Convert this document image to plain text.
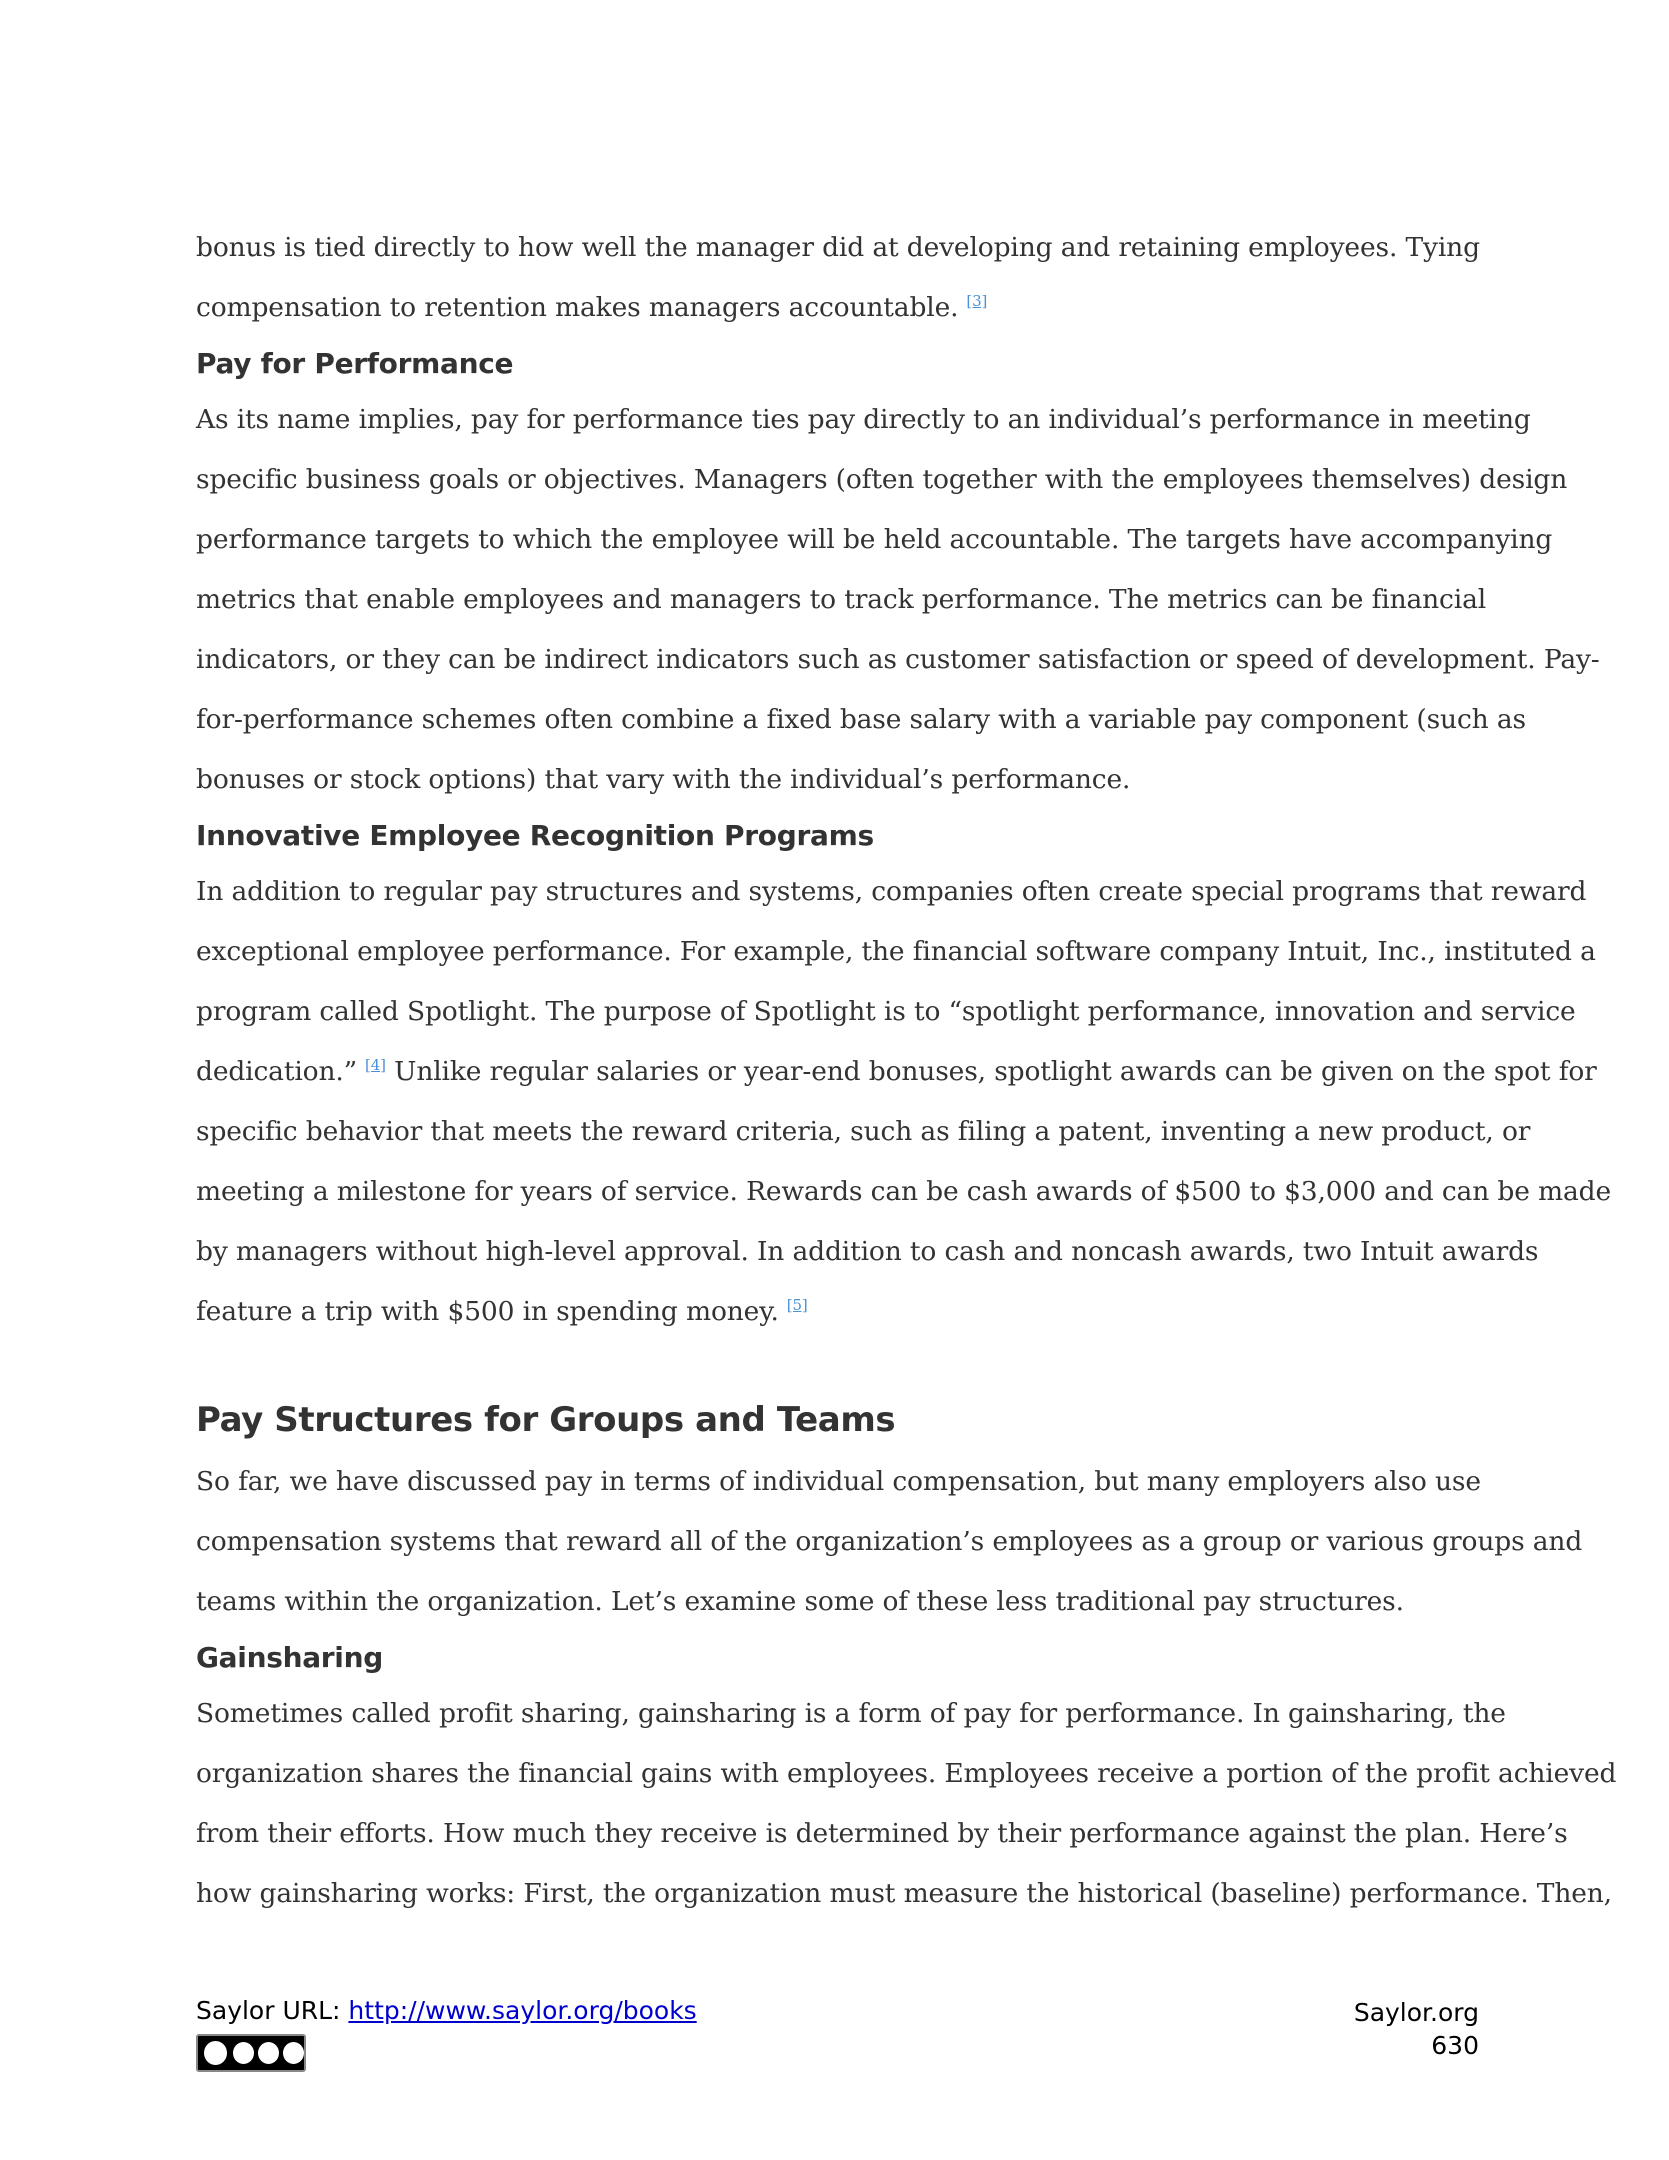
bonus is tied directly to how well the manager did at developing and retaining employees. Tying
compensation to retention makes managers accountable. [3]

Pay for Performance

As its name implies, pay for performance ties pay directly to an individual’s performance in meeting
specific business goals or objectives. Managers (often together with the employees themselves) design
performance targets to which the employee will be held accountable. The targets have accompanying
metrics that enable employees and managers to track performance. The metrics can be financial
indicators, or they can be indirect indicators such as customer satisfaction or speed of development. Pay-
for-performance schemes often combine a fixed base salary with a variable pay component (such as
bonuses or stock options) that vary with the individual’s performance.

Innovative Employee Recognition Programs

In addition to regular pay structures and systems, companies often create special programs that reward
exceptional employee performance. For example, the financial software company Intuit, Inc., instituted a
program called Spotlight. The purpose of Spotlight is to “spotlight performance, innovation and service
dedication.” [4] Unlike regular salaries or year-end bonuses, spotlight awards can be given on the spot for
specific behavior that meets the reward criteria, such as filing a patent, inventing a new product, or
meeting a milestone for years of service. Rewards can be cash awards of $500 to $3,000 and can be made
by managers without high-level approval. In addition to cash and noncash awards, two Intuit awards
feature a trip with $500 in spending money. [5]

Pay Structures for Groups and Teams

So far, we have discussed pay in terms of individual compensation, but many employers also use
compensation systems that reward all of the organization’s employees as a group or various groups and
teams within the organization. Let’s examine some of these less traditional pay structures.

Gainsharing

Sometimes called profit sharing, gainsharing is a form of pay for performance. In gainsharing, the
organization shares the financial gains with employees. Employees receive a portion of the profit achieved
from their efforts. How much they receive is determined by their performance against the plan. Here’s
how gainsharing works: First, the organization must measure the historical (baseline) performance. Then,

Saylor URL: http://www.saylor.org/books	Saylor.org
630
